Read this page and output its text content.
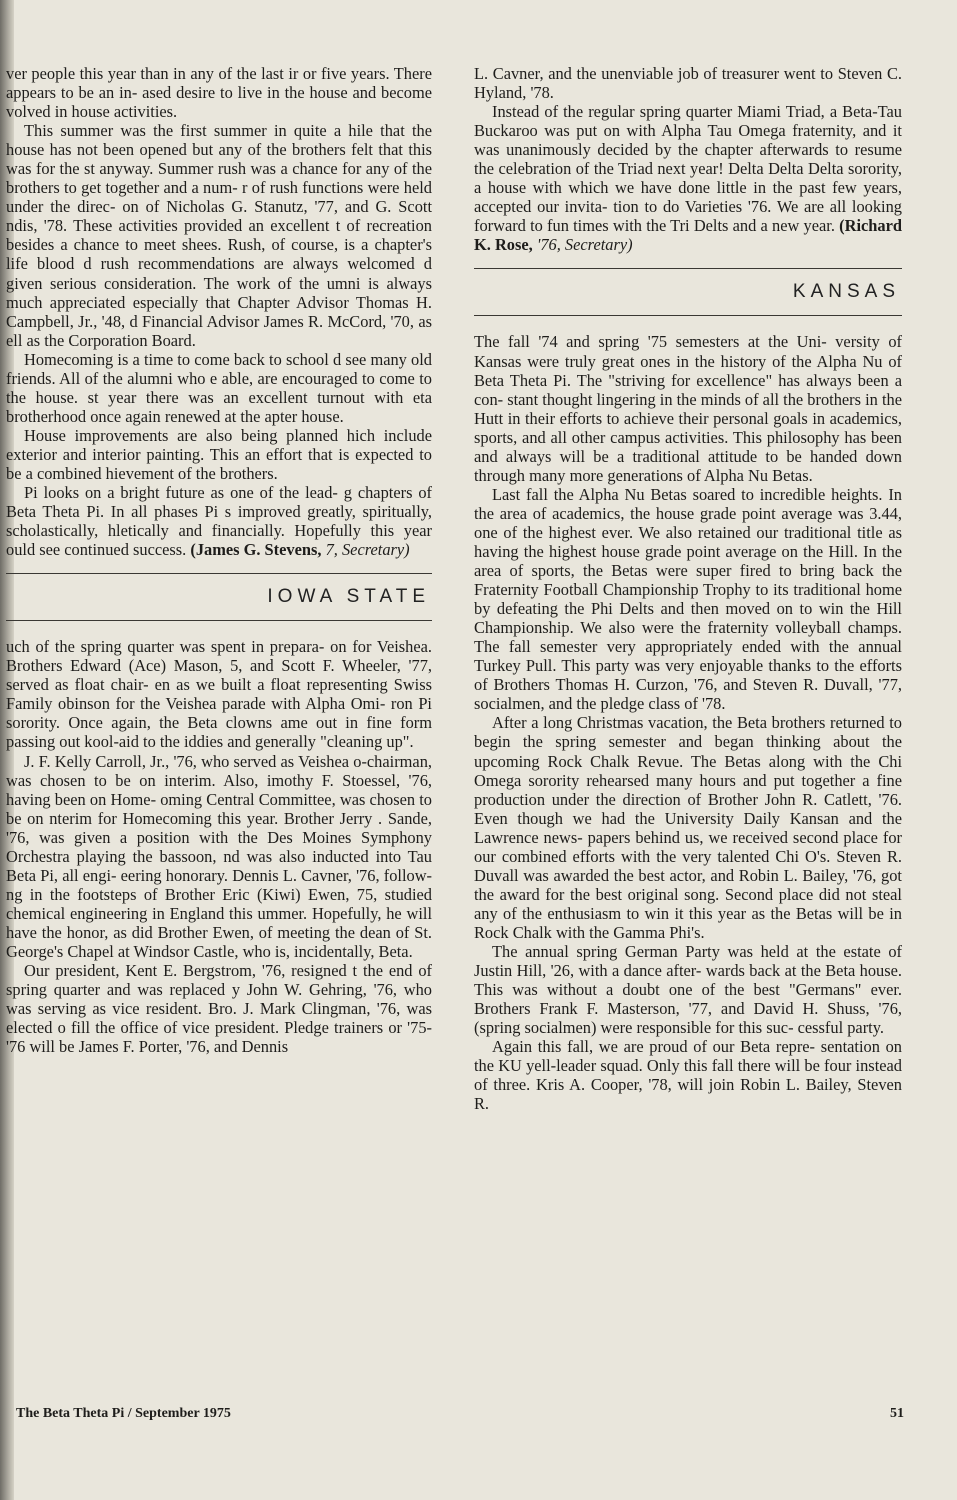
ver people this year than in any of the last ir or five years. There appears to be an in- ased desire to live in the house and become volved in house activities.

This summer was the first summer in quite a hile that the house has not been opened but any of the brothers felt that this was for the st anyway. Summer rush was a chance for any of the brothers to get together and a num- r of rush functions were held under the direc- on of Nicholas G. Stanutz, '77, and G. Scott ndis, '78. These activities provided an excellent t of recreation besides a chance to meet shees. Rush, of course, is a chapter's life blood d rush recommendations are always welcomed d given serious consideration. The work of the umni is always much appreciated especially that Chapter Advisor Thomas H. Campbell, Jr., '48, d Financial Advisor James R. McCord, '70, as ell as the Corporation Board.

Homecoming is a time to come back to school d see many old friends. All of the alumni who e able, are encouraged to come to the house. st year there was an excellent turnout with eta brotherhood once again renewed at the apter house.

House improvements are also being planned hich include exterior and interior painting. This an effort that is expected to be a combined hievement of the brothers.

Pi looks on a bright future as one of the lead- g chapters of Beta Theta Pi. In all phases Pi s improved greatly, spiritually, scholastically, hletically and financially. Hopefully this year ould see continued success. (James G. Stevens, 7, Secretary)

IOWA STATE

uch of the spring quarter was spent in prepara- on for Veishea. Brothers Edward (Ace) Mason, 5, and Scott F. Wheeler, '77, served as float chair- en as we built a float representing Swiss Family obinson for the Veishea parade with Alpha Omi- ron Pi sorority. Once again, the Beta clowns ame out in fine form passing out kool-aid to the iddies and generally "cleaning up".

J. F. Kelly Carroll, Jr., '76, who served as Veishea o-chairman, was chosen to be on interim. Also, imothy F. Stoessel, '76, having been on Home- oming Central Committee, was chosen to be on nterim for Homecoming this year. Brother Jerry . Sande, '76, was given a position with the Des Moines Symphony Orchestra playing the bassoon, nd was also inducted into Tau Beta Pi, all engi- eering honorary. Dennis L. Cavner, '76, follow- ng in the footsteps of Brother Eric (Kiwi) Ewen, 75, studied chemical engineering in England this ummer. Hopefully, he will have the honor, as did Brother Ewen, of meeting the dean of St. George's Chapel at Windsor Castle, who is, incidentally, Beta.

Our president, Kent E. Bergstrom, '76, resigned t the end of spring quarter and was replaced y John W. Gehring, '76, who was serving as vice resident. Bro. J. Mark Clingman, '76, was elected o fill the office of vice president. Pledge trainers or '75-'76 will be James F. Porter, '76, and Dennis

L. Cavner, and the unenviable job of treasurer went to Steven C. Hyland, '78.

Instead of the regular spring quarter Miami Triad, a Beta-Tau Buckaroo was put on with Alpha Tau Omega fraternity, and it was unanimously decided by the chapter afterwards to resume the celebration of the Triad next year! Delta Delta Delta sorority, a house with which we have done little in the past few years, accepted our invita- tion to do Varieties '76. We are all looking forward to fun times with the Tri Delts and a new year. (Richard K. Rose, '76, Secretary)

KANSAS

The fall '74 and spring '75 semesters at the Uni- versity of Kansas were truly great ones in the history of the Alpha Nu of Beta Theta Pi. The "striving for excellence" has always been a con- stant thought lingering in the minds of all the brothers in the Hutt in their efforts to achieve their personal goals in academics, sports, and all other campus activities. This philosophy has been and always will be a traditional attitude to be handed down through many more generations of Alpha Nu Betas.

Last fall the Alpha Nu Betas soared to incredible heights. In the area of academics, the house grade point average was 3.44, one of the highest ever. We also retained our traditional title as having the highest house grade point average on the Hill. In the area of sports, the Betas were super fired to bring back the Fraternity Football Championship Trophy to its traditional home by defeating the Phi Delts and then moved on to win the Hill Championship. We also were the fraternity volleyball champs. The fall semester very appropriately ended with the annual Turkey Pull. This party was very enjoyable thanks to the efforts of Brothers Thomas H. Curzon, '76, and Steven R. Duvall, '77, socialmen, and the pledge class of '78.

After a long Christmas vacation, the Beta brothers returned to begin the spring semester and began thinking about the upcoming Rock Chalk Revue. The Betas along with the Chi Omega sorority rehearsed many hours and put together a fine production under the direction of Brother John R. Catlett, '76. Even though we had the University Daily Kansan and the Lawrence news- papers behind us, we received second place for our combined efforts with the very talented Chi O's. Steven R. Duvall was awarded the best actor, and Robin L. Bailey, '76, got the award for the best original song. Second place did not steal any of the enthusiasm to win it this year as the Betas will be in Rock Chalk with the Gamma Phi's.

The annual spring German Party was held at the estate of Justin Hill, '26, with a dance after- wards back at the Beta house. This was without a doubt one of the best "Germans" ever. Brothers Frank F. Masterson, '77, and David H. Shuss, '76, (spring socialmen) were responsible for this suc- cessful party.

Again this fall, we are proud of our Beta repre- sentation on the KU yell-leader squad. Only this fall there will be four instead of three. Kris A. Cooper, '78, will join Robin L. Bailey, Steven R.

The Beta Theta Pi / September 1975	51
